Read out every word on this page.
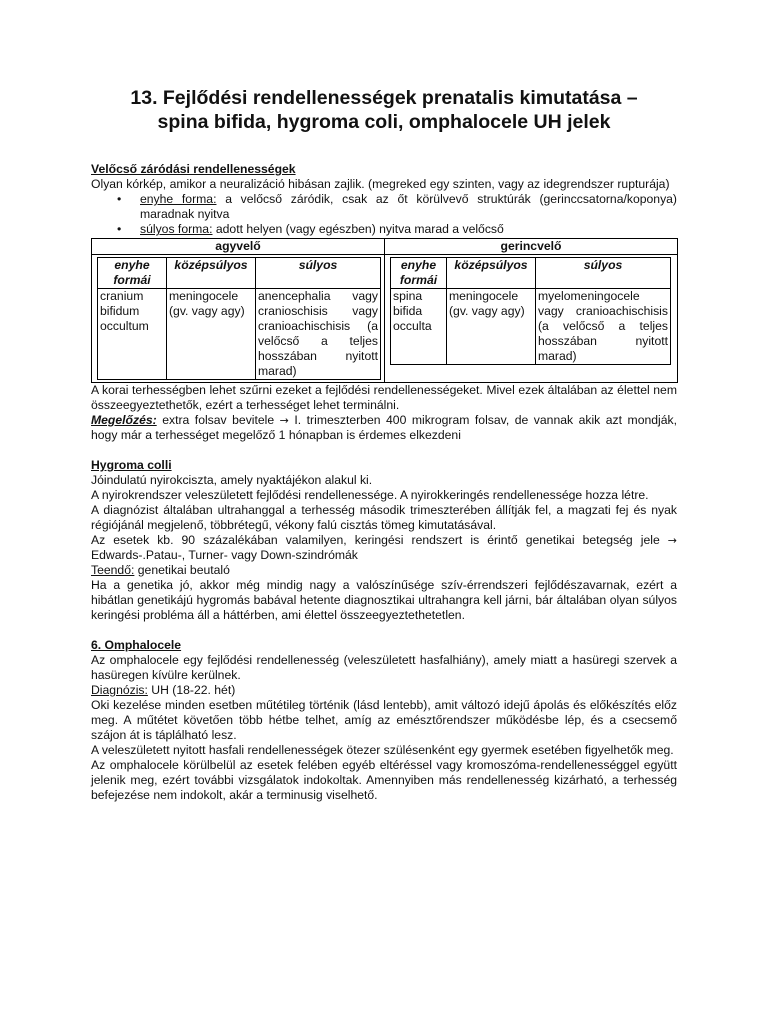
13. Fejlődési rendellenességek prenatalis kimutatása –
spina bifida, hygroma coli, omphalocele UH jelek

Velőcső záródási rendellenességek

Olyan kórkép, amikor a neuralizáció hibásan zajlik. (megreked egy szinten, vagy az idegrendszer rupturája)

• enyhe forma: a velőcső záródik, csak az őt körülvevő struktúrák (gerinccsatorna/koponya) maradnak nyitva
• súlyos forma: adott helyen (vagy egészben) nyitva marad a velőcső
agyvelő	gerincvelő

enyhe formái	középsúlyos	súlyos
cranium bifidum occultum	meningocele (gv. vagy agy)	anencephalia vagy cranioschisis vagy cranioachischisis (a velőcső a teljes hosszában nyitott marad)

enyhe formái	középsúlyos	súlyos
spina bifida occulta	meningocele (gv. vagy agy)	myelomeningocele vagy cranioachischisis (a velőcső a teljes hosszában nyitott marad)

A korai terhességben lehet szűrni ezeket a fejlődési rendellenességeket. Mivel ezek általában az élettel nem összeegyeztethetők, ezért a terhességet lehet terminálni.

Megelőzés: extra folsav bevitele → I. trimeszterben 400 mikrogram folsav, de vannak akik azt mondják, hogy már a terhességet megelőző 1 hónapban is érdemes elkezdeni

Hygroma colli

Jóindulatú nyirokciszta, amely nyaktájékon alakul ki.

A nyirokrendszer veleszületett fejlődési rendellenessége. A nyirokkeringés rendellenessége hozza létre.

A diagnózist általában ultrahanggal a terhesség második trimeszterében állítják fel, a magzati fej és nyak régiójánál megjelenő, többrétegű, vékony falú cisztás tömeg kimutatásával.

Az esetek kb. 90 százalékában valamilyen, keringési rendszert is érintő genetikai betegség jele → Edwards-.Patau-, Turner- vagy Down-szindrómák

Teendő: genetikai beutaló

Ha a genetika jó, akkor még mindig nagy a valószínűsége szív-érrendszeri fejlődészavarnak, ezért a hibátlan genetikájú hygromás babával hetente diagnosztikai ultrahangra kell járni, bár általában olyan súlyos keringési probléma áll a háttérben, ami élettel összeegyeztethetetlen.

6. Omphalocele

Az omphalocele egy fejlődési rendellenesség (veleszületett hasfalhiány), amely miatt a hasüregi szervek a hasüregen kívülre kerülnek.

Diagnózis: UH (18-22. hét)

Oki kezelése minden esetben műtétileg történik (lásd lentebb), amit változó idejű ápolás és előkészítés előz meg. A műtétet követően több hétbe telhet, amíg az emésztőrendszer működésbe lép, és a csecsemő szájon át is táplálható lesz.

A veleszületett nyitott hasfali rendellenességek ötezer szülésenként egy gyermek esetében figyelhetők meg.

Az omphalocele körülbelül az esetek felében egyéb eltéréssel vagy kromoszóma-rendellenességgel együtt jelenik meg, ezért további vizsgálatok indokoltak. Amennyiben más rendellenesség kizárható, a terhesség befejezése nem indokolt, akár a terminusig viselhető.
